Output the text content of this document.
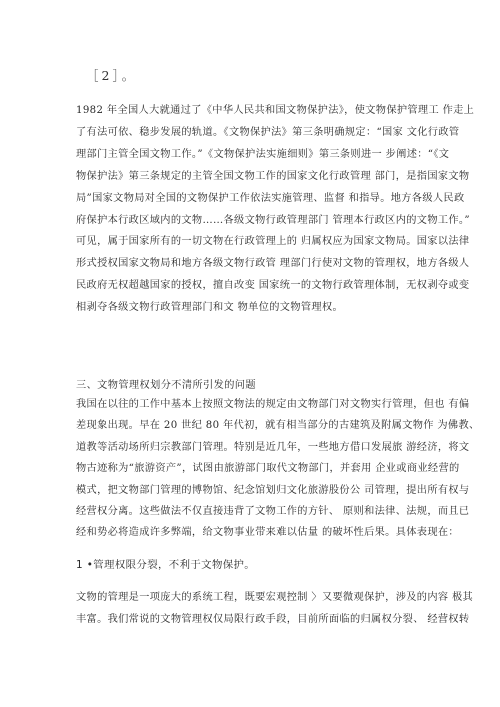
［2］。
1982 年全国人大就通过了《中华人民共和国文物保护法》，使文物保护管理工 作走上
了有法可依、稳步发展的轨道。《文物保护法》第三条明确规定：“国家 文化行政管
理部门主管全国文物工作。”《文物保护法实施细则》第三条则进一 步阐述：“《文
物保护法》第三条规定的主管全国文物工作的国家文化行政管理 部门，是指国家文物
局”国家文物局对全国的文物保护工作依法实施管理、监督 和指导。地方各级人民政
府保护本行政区域内的文物……各级文物行政管理部门 管理本行政区内的文物工作。”
可见，属于国家所有的一切文物在行政管理上的 归属权应为国家文物局。国家以法律
形式授权国家文物局和地方各级文物行政管 理部门行使对文物的管理权，地方各级人
民政府无权超越国家的授权，擅自改变 国家统一的文物行政管理体制，无权剥夺或变
相剥夺各级文物行政管理部门和文 物单位的文物管理权。
三、文物管理权划分不清所引发的问题
我国在以往的工作中基本上按照文物法的规定由文物部门对文物实行管理，但也 有偏
差现象出现。早在 20 世纪 80 年代初，就有相当部分的古建筑及附属文物作 为佛教、
道教等活动场所归宗教部门管理。特别是近几年，一些地方借口发展旅 游经济，将文
物古迹称为“旅游资产”，试图由旅游部门取代文物部门，并套用 企业或商业经营的
模式，把文物部门管理的博物馆、纪念馆划归文化旅游股份公 司管理，提出所有权与
经营权分离。这些做法不仅直接违背了文物工作的方针、 原则和法律、法规，而且已
经和势必将造成许多弊端，给文物事业带来难以估量 的破坏性后果。具体表现在：
1 •管理权限分裂，不利于文物保护。
文物的管理是一项庞大的系统工程，既要宏观控制 〉又要微观保护，涉及的内容 极其
丰富。我们常说的文物管理权仅局限行政手段，目前所面临的归属权分裂、 经营权转
